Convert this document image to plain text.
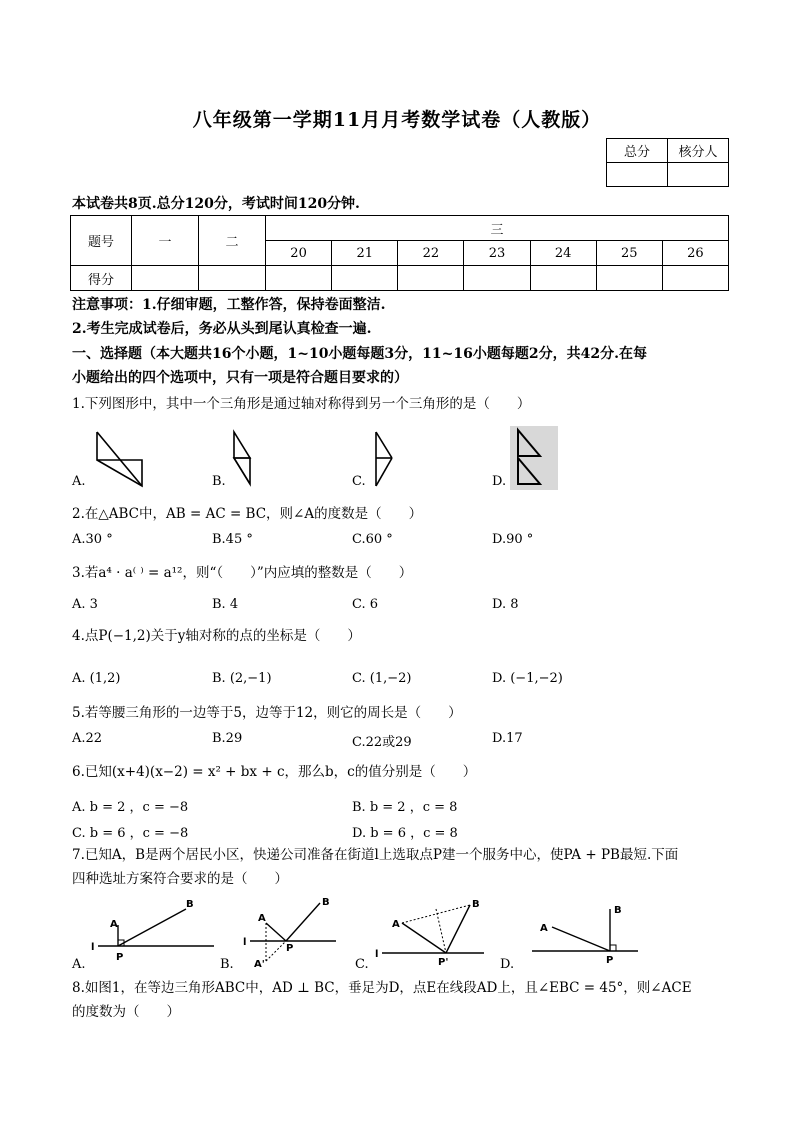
八年级第一学期11月月考数学试卷（人教版）
总分	核分人

本试卷共8页.总分120分，考试时间120分钟.
题号	一	二	三						
			20	21	22	23	24	25	26
得分									
注意事项：1.仔细审题，工整作答，保持卷面整洁.
2.考生完成试卷后，务必从头到尾认真检查一遍.
一、选择题（本大题共16个小题，1~10小题每题3分，11~16小题每题2分，共42分.在每
小题给出的四个选项中，只有一项是符合题目要求的）
1.下列图形中，其中一个三角形是通过轴对称得到另一个三角形的是（　　）
A.	B.	C.	D.
2.在△ABC中，AB = AC = BC，则∠A的度数是（　　）
A.30 °	B.45 °	C.60 °	D.90 °
3.若a⁴ · a⁽ ⁾ = a¹²，则“（　　）”内应填的整数是（　　）
A. 3	B. 4	C. 6	D. 8
4.点P(−1,2)关于y轴对称的点的坐标是（　　）
A. (1,2)	B. (2,−1)	C. (1,−2)	D. (−1,−2)
5.若等腰三角形的一边等于5，边等于12，则它的周长是（　　）
A.22	B.29	C.22或29	D.17
6.已知(x+4)(x−2) = x² + bx + c，那么b，c的值分别是（　　）
A. b = 2 ，c = −8	B. b = 2 ，c = 8
C. b = 6 ，c = −8	D. b = 6 ，c = 8
7.已知A，B是两个居民小区，快递公司准备在街道l上选取点P建一个服务中心，使PA + PB最短.下面
四种选址方案符合要求的是（　　）
A
B
P
l
A.
A
B
P
A'
l
B.
A
B
P'
l
C.
A
B
P
D.
8.如图1，在等边三角形ABC中，AD ⊥ BC，垂足为D，点E在线段AD上，且∠EBC = 45°，则∠ACE
的度数为（　　）
